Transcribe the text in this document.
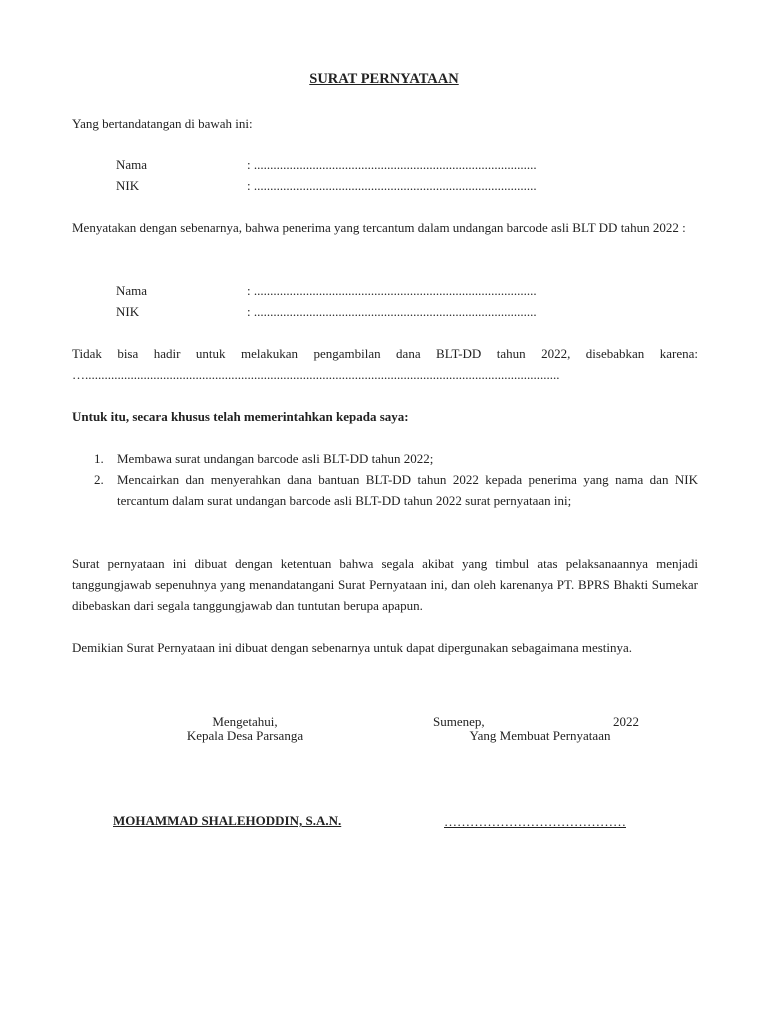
SURAT PERNYATAAN
Yang bertandatangan di bawah ini:
Nama	: .......................................................................................
NIK	: .......................................................................................
Menyatakan dengan sebenarnya, bahwa penerima yang tercantum dalam undangan barcode asli BLT DD tahun 2022 :
Nama	: .......................................................................................
NIK	: .......................................................................................
Tidak bisa hadir untuk melakukan pengambilan dana BLT-DD tahun 2022, disebabkan karena:
…..................................................................................................................................................
Untuk itu, secara khusus telah memerintahkan kepada saya:
1. Membawa surat undangan barcode asli BLT-DD tahun 2022;
2. Mencairkan dan menyerahkan dana bantuan BLT-DD tahun 2022 kepada penerima yang nama dan NIK tercantum dalam surat undangan barcode asli BLT-DD tahun 2022 surat pernyataan ini;
Surat pernyataan ini dibuat dengan ketentuan bahwa segala akibat yang timbul atas pelaksanaannya menjadi tanggungjawab sepenuhnya yang menandatangani Surat Pernyataan ini, dan oleh karenanya PT. BPRS Bhakti Sumekar dibebaskan dari segala tanggungjawab dan tuntutan berupa apapun.
Demikian Surat Pernyataan ini dibuat dengan sebenarnya untuk dapat dipergunakan sebagaimana mestinya.
Mengetahui,
Kepala Desa Parsanga
Sumenep,	2022
Yang Membuat Pernyataan
MOHAMMAD SHALEHODDIN, S.A.N.	……………………………………
